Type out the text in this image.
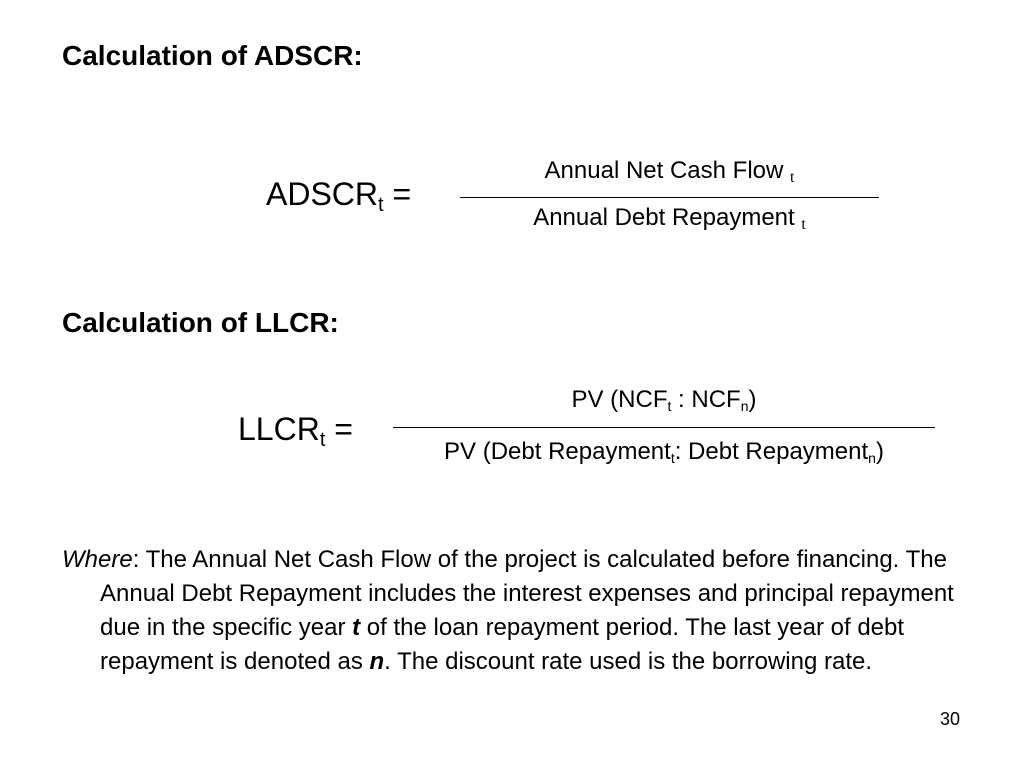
Calculation of ADSCR:
$ADSCR_t$ =
Annual Net Cash Flow $_t$
Annual Debt Repayment $_t$
Calculation of LLCR:
$LLCR_t$ =
PV ($NCF_t$ : $NCF_n$)
PV (Debt Repayment$_t$: Debt Repayment$_n$)

Where: The Annual Net Cash Flow of the project is calculated before financing. The Annual Debt Repayment includes the interest expenses and principal repayment due in the specific year t of the loan repayment period. The last year of debt repayment is denoted as n. The discount rate used is the borrowing rate.

30
